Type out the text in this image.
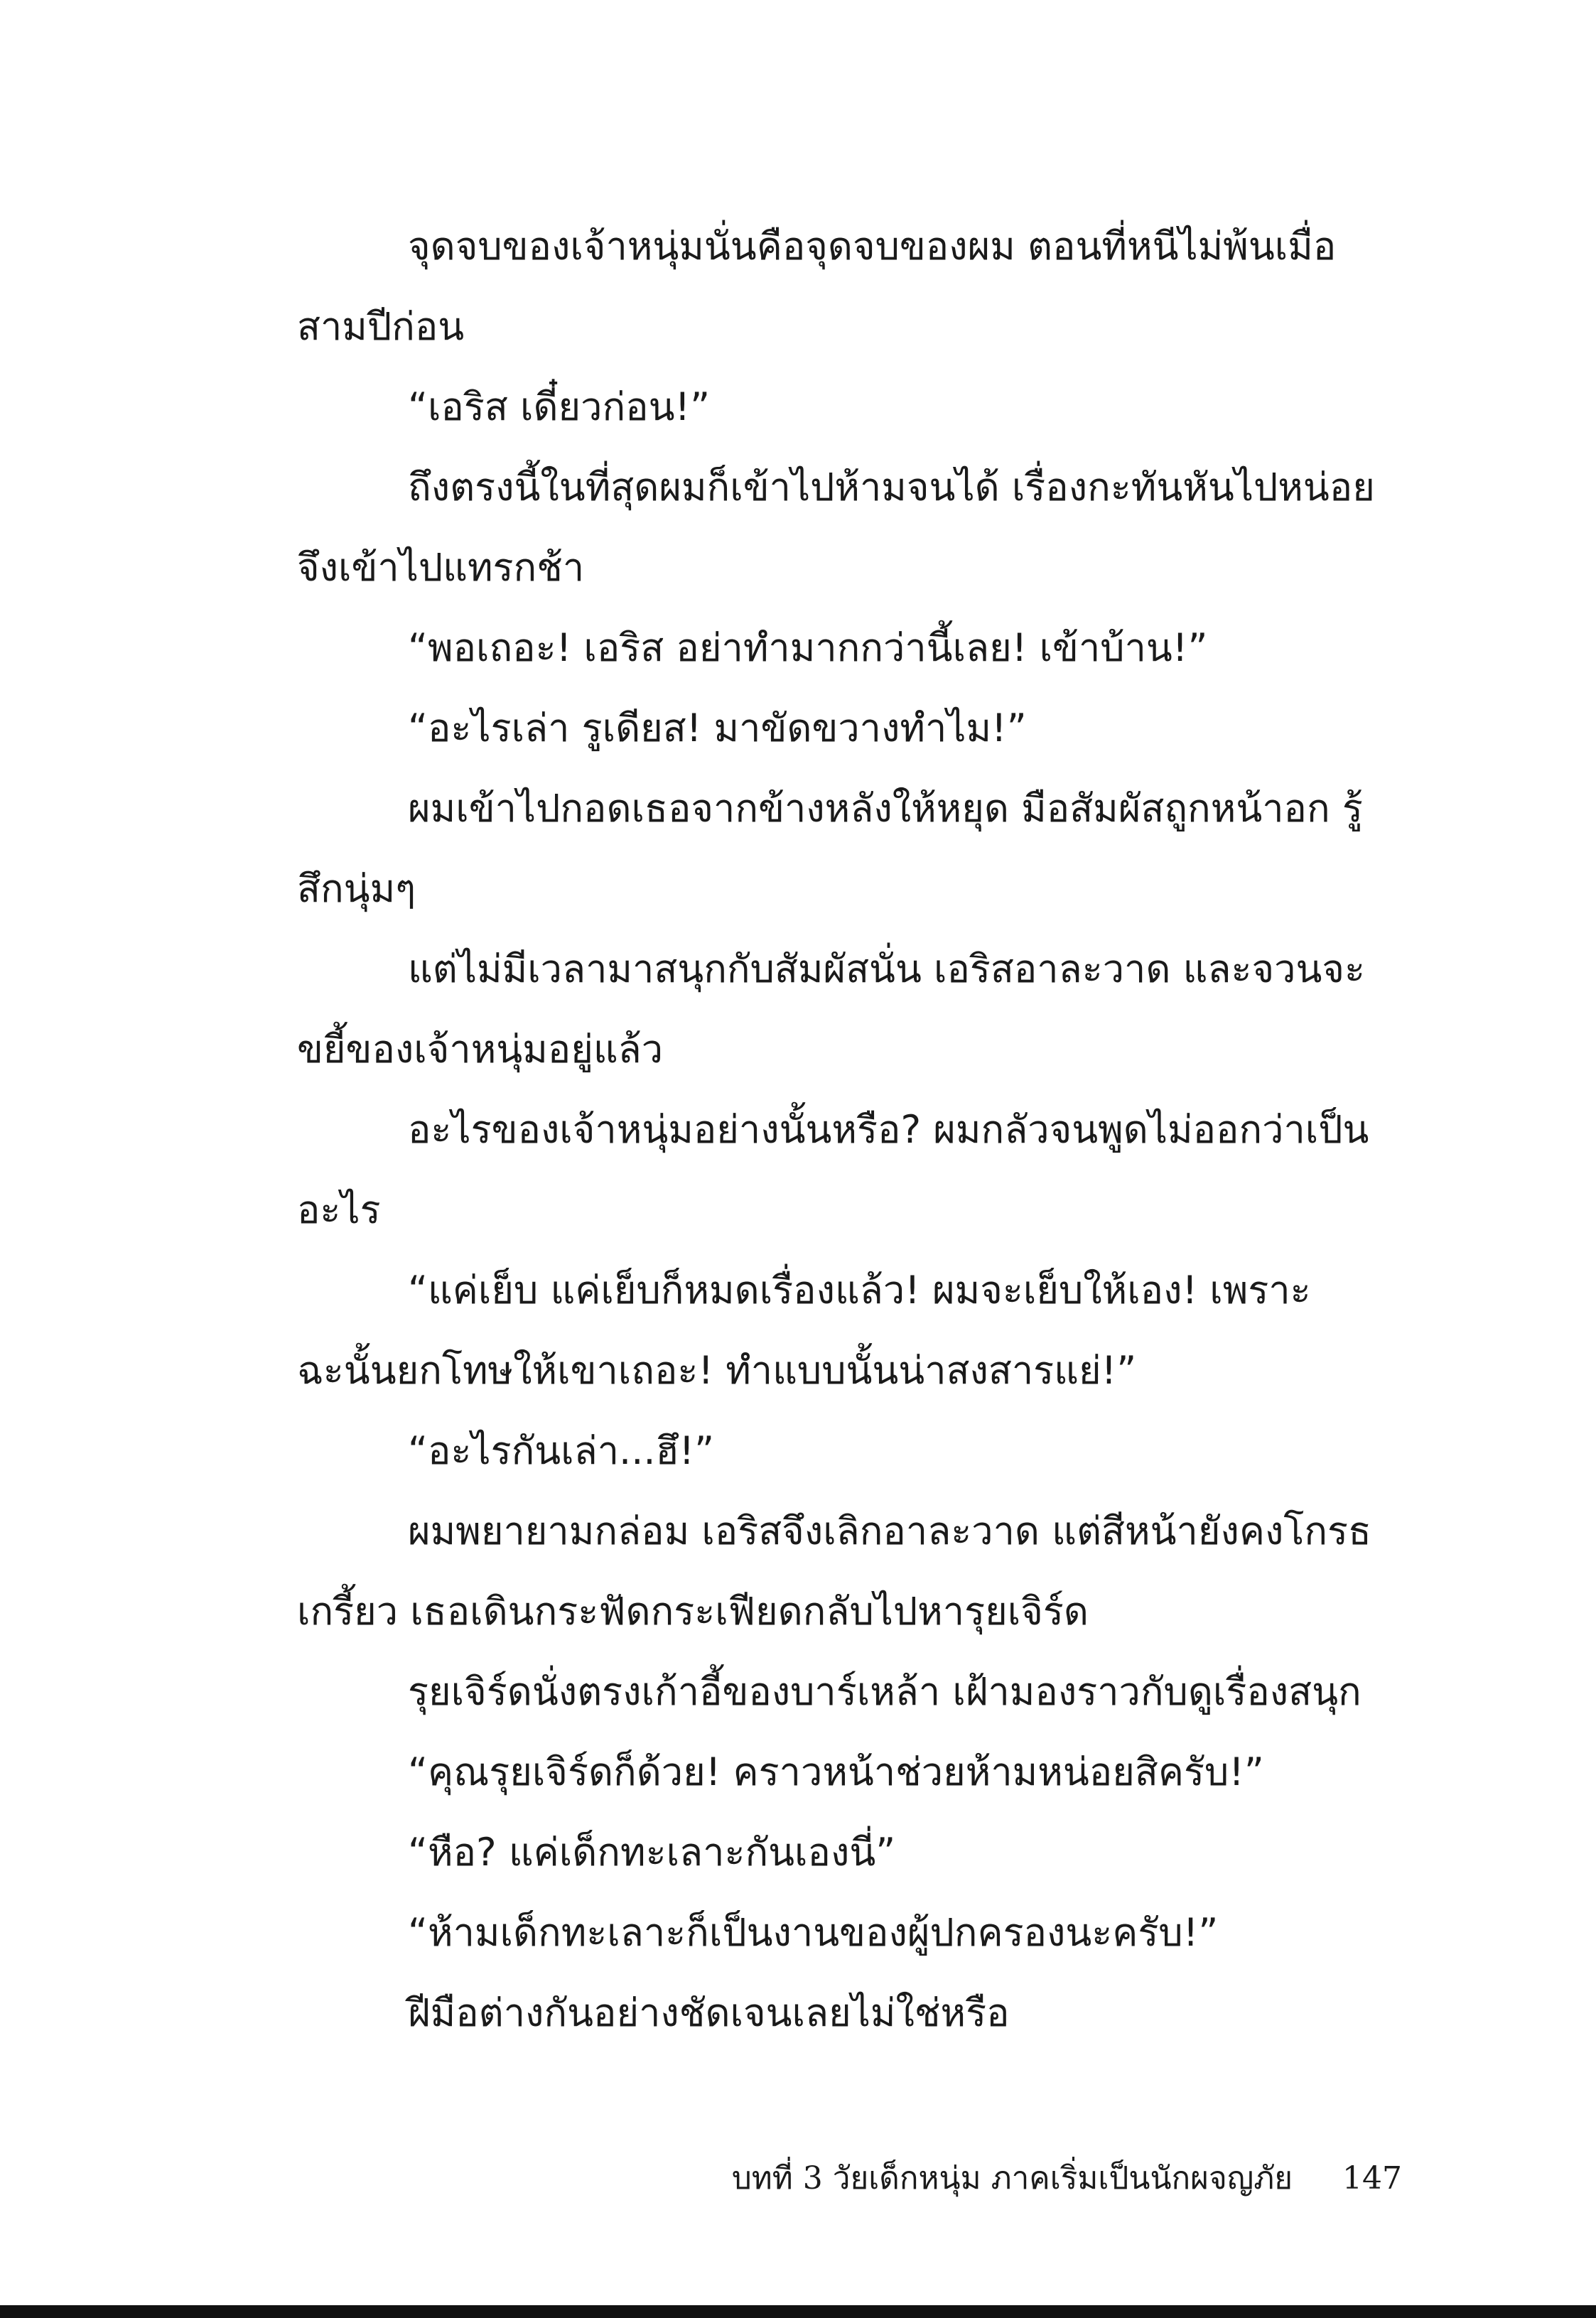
จุดจบของเจ้าหนุ่มนั่นคือจุดจบของผม ตอนที่หนีไม่พ้นเมื่อสามปีก่อน

“เอริส เดี๋ยวก่อน!”

ถึงตรงนี้ในที่สุดผมก็เข้าไปห้ามจนได้ เรื่องกะทันหันไปหน่อยจึงเข้าไปแทรกช้า

“พอเถอะ! เอริส อย่าทำมากกว่านี้เลย! เข้าบ้าน!”

“อะไรเล่า รูเดียส! มาขัดขวางทำไม!”

ผมเข้าไปกอดเธอจากข้างหลังให้หยุด มือสัมผัสถูกหน้าอก รู้สึกนุ่มๆ

แต่ไม่มีเวลามาสนุกกับสัมผัสนั่น เอริสอาละวาด และจวนจะขยี้ของเจ้าหนุ่มอยู่แล้ว

อะไรของเจ้าหนุ่มอย่างนั้นหรือ? ผมกลัวจนพูดไม่ออกว่าเป็นอะไร

“แค่เย็บ แค่เย็บก็หมดเรื่องแล้ว! ผมจะเย็บให้เอง! เพราะฉะนั้นยกโทษให้เขาเถอะ! ทำแบบนั้นน่าสงสารแย่!”

“อะไรกันเล่า...ฮึ!”

ผมพยายามกล่อม เอริสจึงเลิกอาละวาด แต่สีหน้ายังคงโกรธเกรี้ยว เธอเดินกระฟัดกระเฟียดกลับไปหารุยเจิร์ด

รุยเจิร์ดนั่งตรงเก้าอี้ของบาร์เหล้า เฝ้ามองราวกับดูเรื่องสนุก

“คุณรุยเจิร์ดก็ด้วย! คราวหน้าช่วยห้ามหน่อยสิครับ!”

“หือ? แค่เด็กทะเลาะกันเองนี่”

“ห้ามเด็กทะเลาะก็เป็นงานของผู้ปกครองนะครับ!”

ฝีมือต่างกันอย่างชัดเจนเลยไม่ใช่หรือ

บทที่ 3 วัยเด็กหนุ่ม ภาคเริ่มเป็นนักผจญภัย 147
